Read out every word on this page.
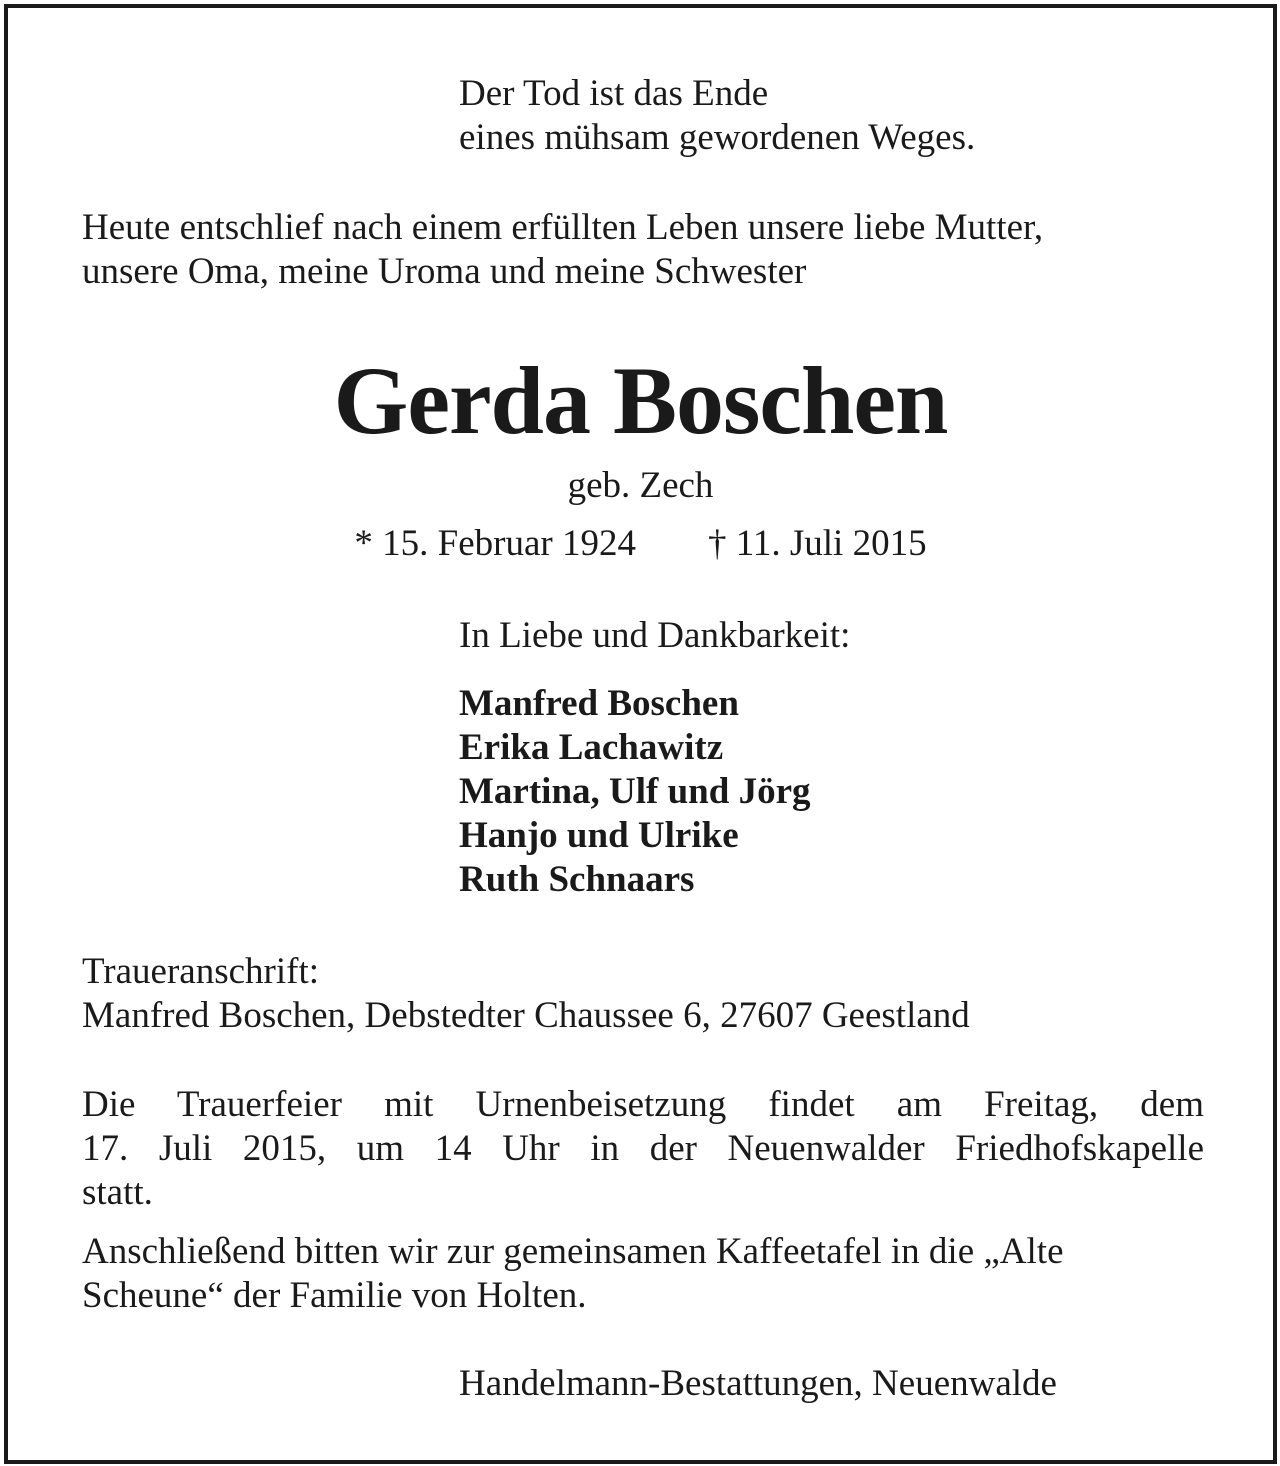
Der Tod ist das Ende
eines mühsam gewordenen Weges.
Heute entschlief nach einem erfüllten Leben unsere liebe Mutter,
unsere Oma, meine Uroma und meine Schwester
Gerda Boschen
geb. Zech
* 15. Februar 1924 † 11. Juli 2015
In Liebe und Dankbarkeit:
Manfred Boschen
Erika Lachawitz
Martina, Ulf und Jörg
Hanjo und Ulrike
Ruth Schnaars
Traueranschrift:
Manfred Boschen, Debstedter Chaussee 6, 27607 Geestland
Die Trauerfeier mit Urnenbeisetzung findet am Freitag, dem
17. Juli 2015, um 14 Uhr in der Neuenwalder Friedhofskapelle
statt.
Anschließend bitten wir zur gemeinsamen Kaffeetafel in die „Alte
Scheune“ der Familie von Holten.
Handelmann-Bestattungen, Neuenwalde
